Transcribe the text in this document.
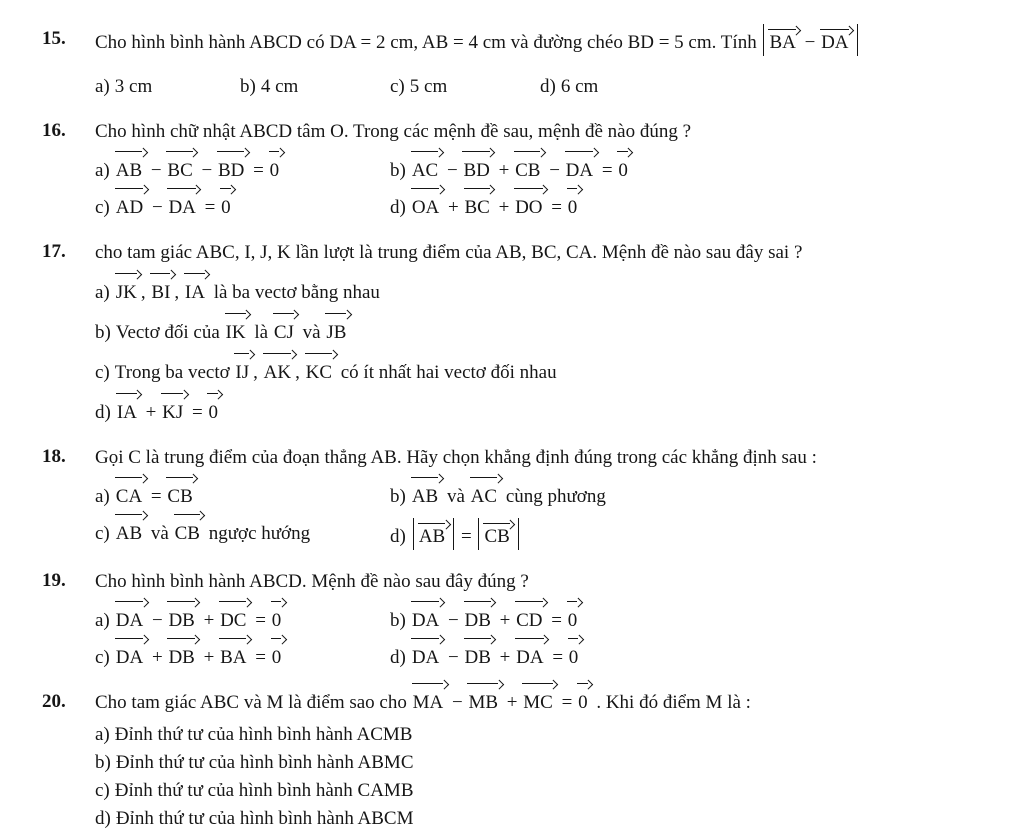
15.	Cho hình bình hành ABCD có DA = 2 cm, AB = 4 cm và đường chéo BD = 5 cm. Tính BA − DA
a) 3 cm	b) 4 cm	c) 5 cm	d) 6 cm
16.	Cho hình chữ nhật ABCD tâm O. Trong các mệnh đề sau, mệnh đề nào đúng ?
a) AB − BC − BD = 0	b) AC − BD + CB − DA = 0
c) AD − DA = 0	d) OA + BC + DO = 0
17.	cho tam giác ABC, I, J, K lần lượt là trung điểm của AB, BC, CA. Mệnh đề nào sau đây sai ?
a) JK , BI , IA là ba vectơ bằng nhau
b) Vectơ đối của IK là CJ và JB
c) Trong ba vectơ IJ , AK , KC có ít nhất hai vectơ đối nhau
d) IA + KJ = 0
18.	Gọi C là trung điểm của đoạn thẳng AB. Hãy chọn khẳng định đúng trong các khẳng định sau :
a) CA = CB	b) AB và AC cùng phương
c) AB và CB ngược hướng	d) AB = CB
19.	Cho hình bình hành ABCD. Mệnh đề nào sau đây đúng ?
a) DA − DB + DC = 0	b) DA − DB + CD = 0
c) DA + DB + BA = 0	d) DA − DB + DA = 0
20.	Cho tam giác ABC và M là điểm sao cho MA − MB + MC = 0 . Khi đó điểm M là :
a) Đỉnh thứ tư của hình bình hành ACMB
b) Đỉnh thứ tư của hình bình hành ABMC
c) Đỉnh thứ tư của hình bình hành CAMB
d) Đỉnh thứ tư của hình bình hành ABCM
